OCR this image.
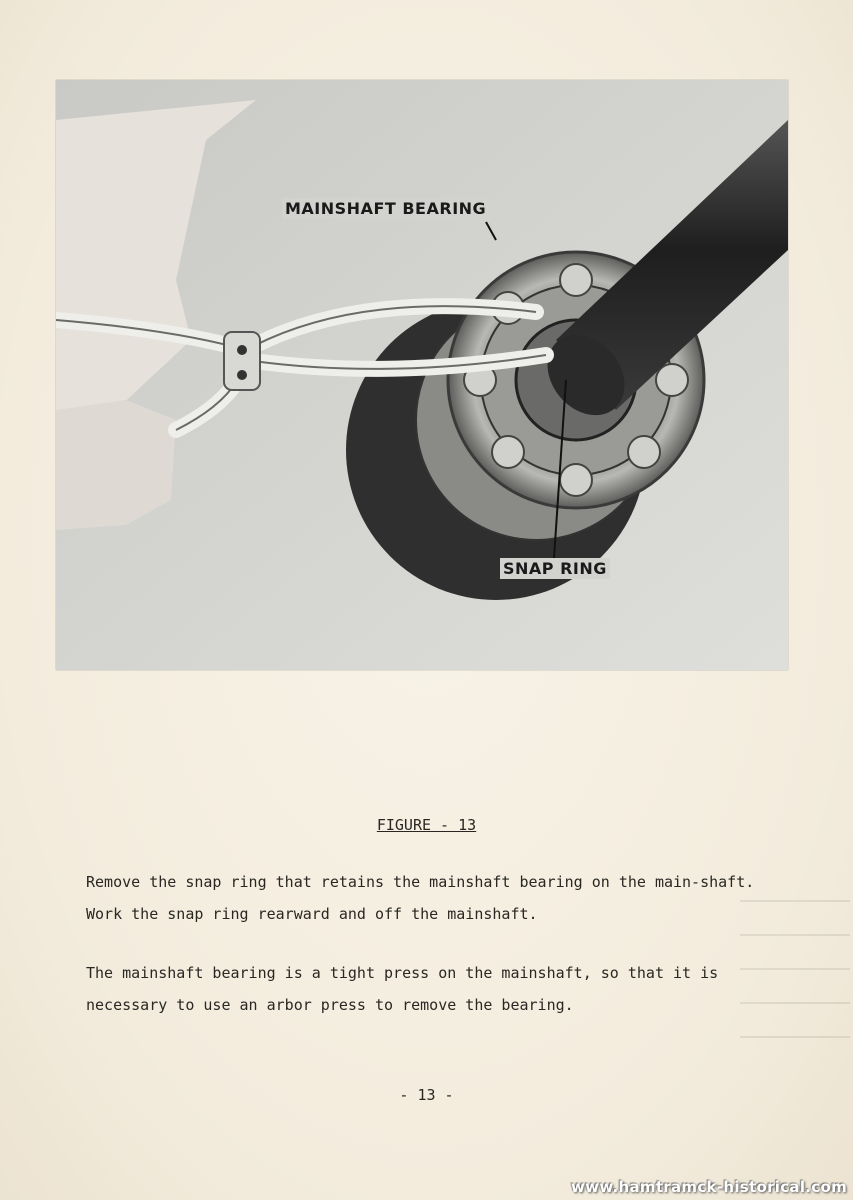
MAINSHAFT BEARING
SNAP RING
FIGURE - 13

Remove the snap ring that retains the mainshaft bearing on the main-shaft. Work the snap ring rearward and off the mainshaft.

The mainshaft bearing is a tight press on the mainshaft, so that it is necessary to use an arbor press to remove the bearing.

- 13 -
www.hamtramck-historical.com
